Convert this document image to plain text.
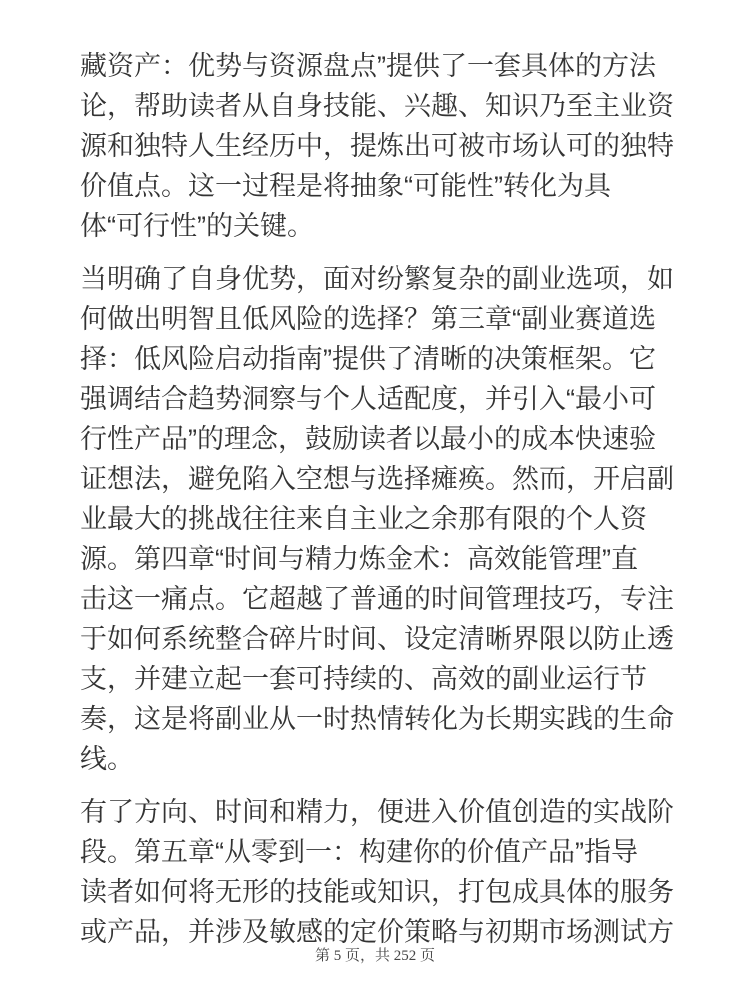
藏资产：优势与资源盘点”提供了一套具体的方法
论，帮助读者从自身技能、兴趣、知识乃至主业资
源和独特人生经历中，提炼出可被市场认可的独特
价值点。这一过程是将抽象“可能性”转化为具
体“可行性”的关键。
当明确了自身优势，面对纷繁复杂的副业选项，如
何做出明智且低风险的选择？第三章“副业赛道选
择：低风险启动指南”提供了清晰的决策框架。它
强调结合趋势洞察与个人适配度，并引入“最小可
行性产品”的理念，鼓励读者以最小的成本快速验
证想法，避免陷入空想与选择瘫痪。然而，开启副
业最大的挑战往往来自主业之余那有限的个人资
源。第四章“时间与精力炼金术：高效能管理”直
击这一痛点。它超越了普通的时间管理技巧，专注
于如何系统整合碎片时间、设定清晰界限以防止透
支，并建立起一套可持续的、高效的副业运行节
奏，这是将副业从一时热情转化为长期实践的生命
线。
有了方向、时间和精力，便进入价值创造的实战阶
段。第五章“从零到一：构建你的价值产品”指导
读者如何将无形的技能或知识，打包成具体的服务
或产品，并涉及敏感的定价策略与初期市场测试方
第 5 页，共 252 页
